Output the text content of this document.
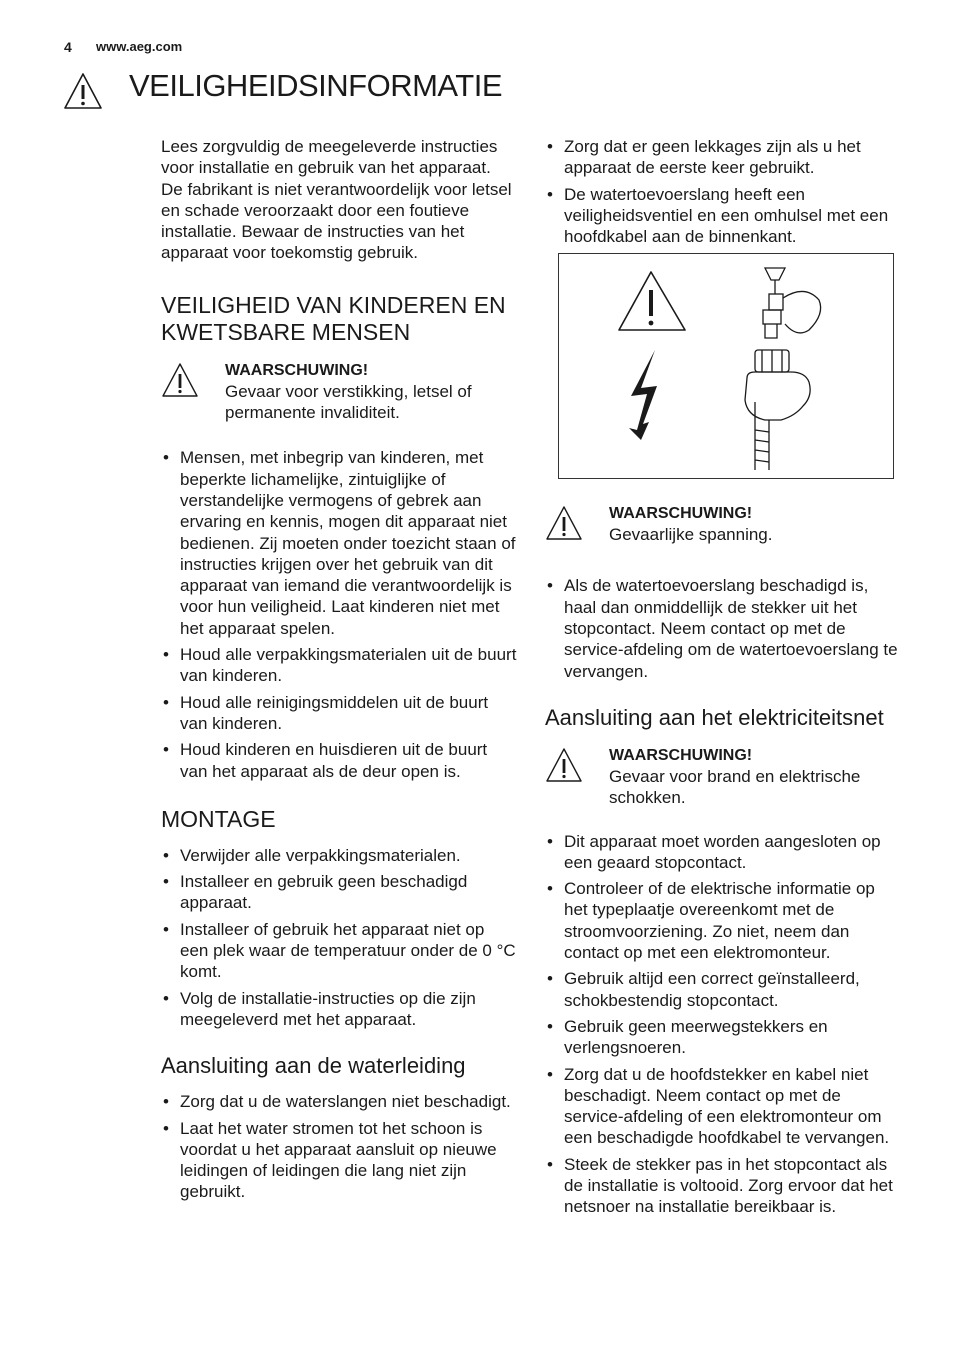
4 www.aeg.com
VEILIGHEIDSINFORMATIE

Lees zorgvuldig de meegeleverde instructies voor installatie en gebruik van het apparaat. De fabrikant is niet verantwoordelijk voor letsel en schade veroorzaakt door een foutieve installatie. Bewaar de instructies van het apparaat voor toekomstig gebruik.

VEILIGHEID VAN KINDEREN EN KWETSBARE MENSEN
WAARSCHUWING!
Gevaar voor verstikking, letsel of permanente invaliditeit.
• Mensen, met inbegrip van kinderen, met beperkte lichamelijke, zintuiglijke of verstandelijke vermogens of gebrek aan ervaring en kennis, mogen dit apparaat niet bedienen. Zij moeten onder toezicht staan of instructies krijgen over het gebruik van dit apparaat van iemand die verantwoordelijk is voor hun veiligheid. Laat kinderen niet met het apparaat spelen.
• Houd alle verpakkingsmaterialen uit de buurt van kinderen.
• Houd alle reinigingsmiddelen uit de buurt van kinderen.
• Houd kinderen en huisdieren uit de buurt van het apparaat als de deur open is.
MONTAGE
• Verwijder alle verpakkingsmaterialen.
• Installeer en gebruik geen beschadigd apparaat.
• Installeer of gebruik het apparaat niet op een plek waar de temperatuur onder de 0 °C komt.
• Volg de installatie-instructies op die zijn meegeleverd met het apparaat.
Aansluiting aan de waterleiding
• Zorg dat u de waterslangen niet beschadigt.
• Laat het water stromen tot het schoon is voordat u het apparaat aansluit op nieuwe leidingen of leidingen die lang niet zijn gebruikt.
• Zorg dat er geen lekkages zijn als u het apparaat de eerste keer gebruikt.
• De watertoevoerslang heeft een veiligheidsventiel en een omhulsel met een hoofdkabel aan de binnenkant.
WAARSCHUWING!
Gevaarlijke spanning.
• Als de watertoevoerslang beschadigd is, haal dan onmiddellijk de stekker uit het stopcontact. Neem contact op met de service-afdeling om de watertoevoerslang te vervangen.
Aansluiting aan het elektriciteitsnet
WAARSCHUWING!
Gevaar voor brand en elektrische schokken.
• Dit apparaat moet worden aangesloten op een geaard stopcontact.
• Controleer of de elektrische informatie op het typeplaatje overeenkomt met de stroomvoorziening. Zo niet, neem dan contact op met een elektromonteur.
• Gebruik altijd een correct geïnstalleerd, schokbestendig stopcontact.
• Gebruik geen meerwegstekkers en verlengsnoeren.
• Zorg dat u de hoofdstekker en kabel niet beschadigt. Neem contact op met de service-afdeling of een elektromonteur om een beschadigde hoofdkabel te vervangen.
• Steek de stekker pas in het stopcontact als de installatie is voltooid. Zorg ervoor dat het netsnoer na installatie bereikbaar is.
